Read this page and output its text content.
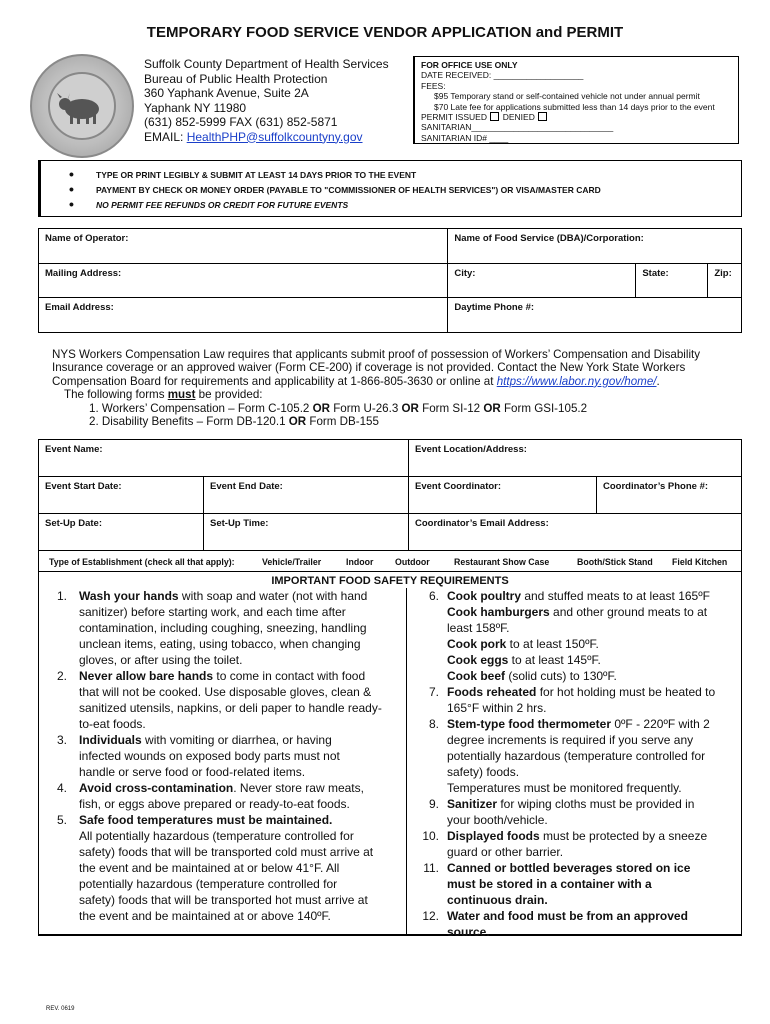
TEMPORARY FOOD SERVICE VENDOR APPLICATION and PERMIT
Suffolk County Department of Health Services
Bureau of Public Health Protection
360 Yaphank Avenue, Suite 2A
Yaphank NY 11980
(631) 852-5999 FAX (631) 852-5871
EMAIL: HealthPHP@suffolkcountyny.gov
FOR OFFICE USE ONLY
DATE RECEIVED: ___________________
FEES:
$95 Temporary stand or self-contained vehicle not under annual permit
$70 Late fee for applications submitted less than 14 days prior to the event
PERMIT ISSUED DENIED
SANITARIAN______________________________
SANITARIAN ID# ____
•	TYPE OR PRINT LEGIBLY & SUBMIT AT LEAST 14 DAYS PRIOR TO THE EVENT
•	PAYMENT BY CHECK OR MONEY ORDER (PAYABLE TO "COMMISSIONER OF HEALTH SERVICES") OR VISA/MASTER CARD
•	NO PERMIT FEE REFUNDS OR CREDIT FOR FUTURE EVENTS
Name of Operator:	Name of Food Service (DBA)/Corporation:		
Mailing Address:	City:	State:	Zip:
Email Address:	Daytime Phone #:		
NYS Workers Compensation Law requires that applicants submit proof of possession of Workers’ Compensation and Disability
Insurance coverage or an approved waiver (Form CE-200) if coverage is not provided. Contact the New York State Workers
Compensation Board for requirements and applicability at 1-866-805-3630 or online at https://www.labor.ny.gov/home/.
The following forms must be provided:
1. Workers’ Compensation – Form C-105.2 OR Form U-26.3 OR Form SI-12 OR Form GSI-105.2
2. Disability Benefits – Form DB-120.1 OR Form DB-155
Event Name:		Event Location/Address:	
Event Start Date:	Event End Date:	Event Coordinator:	Coordinator’s Phone #:
Set-Up Date:	Set-Up Time:	Coordinator’s Email Address:	
Type of Establishment (check all that apply):	Vehicle/Trailer	Indoor Outdoor	Restaurant Show Case	Booth/Stick Stand Field Kitchen
IMPORTANT FOOD SAFETY REQUIREMENTS
1. Wash your hands with soap and water (not with hand
sanitizer) before starting work, and each time after
contamination, including coughing, sneezing, handling
unclean items, eating, using tobacco, when changing
gloves, or after using the toilet.
2. Never allow bare hands to come in contact with food
that will not be cooked. Use disposable gloves, clean &
sanitized utensils, napkins, or deli paper to handle ready-
to-eat foods.
3. Individuals with vomiting or diarrhea, or having
infected wounds on exposed body parts must not
handle or serve food or food-related items.
4. Avoid cross-contamination. Never store raw meats,
fish, or eggs above prepared or ready-to-eat foods.
5. Safe food temperatures must be maintained.
All potentially hazardous (temperature controlled for
safety) foods that will be transported cold must arrive at
the event and be maintained at or below 41°F. All
potentially hazardous (temperature controlled for
safety) foods that will be transported hot must arrive at
the event and be maintained at or above 140ºF.
6. Cook poultry and stuffed meats to at least 165ºF
Cook hamburgers and other ground meats to at
least 158ºF.
Cook pork to at least 150ºF.
Cook eggs to at least 145ºF.
Cook beef (solid cuts) to 130ºF.
7. Foods reheated for hot holding must be heated to
165°F within 2 hrs.
8. Stem-type food thermometer 0ºF - 220ºF with 2
degree increments is required if you serve any
potentially hazardous (temperature controlled for
safety) foods.
Temperatures must be monitored frequently.
9. Sanitizer for wiping cloths must be provided in
your booth/vehicle.
10. Displayed foods must be protected by a sneeze
guard or other barrier.
11. Canned or bottled beverages stored on ice
must be stored in a container with a
continuous drain.
12. Water and food must be from an approved
source.
REV. 0619
